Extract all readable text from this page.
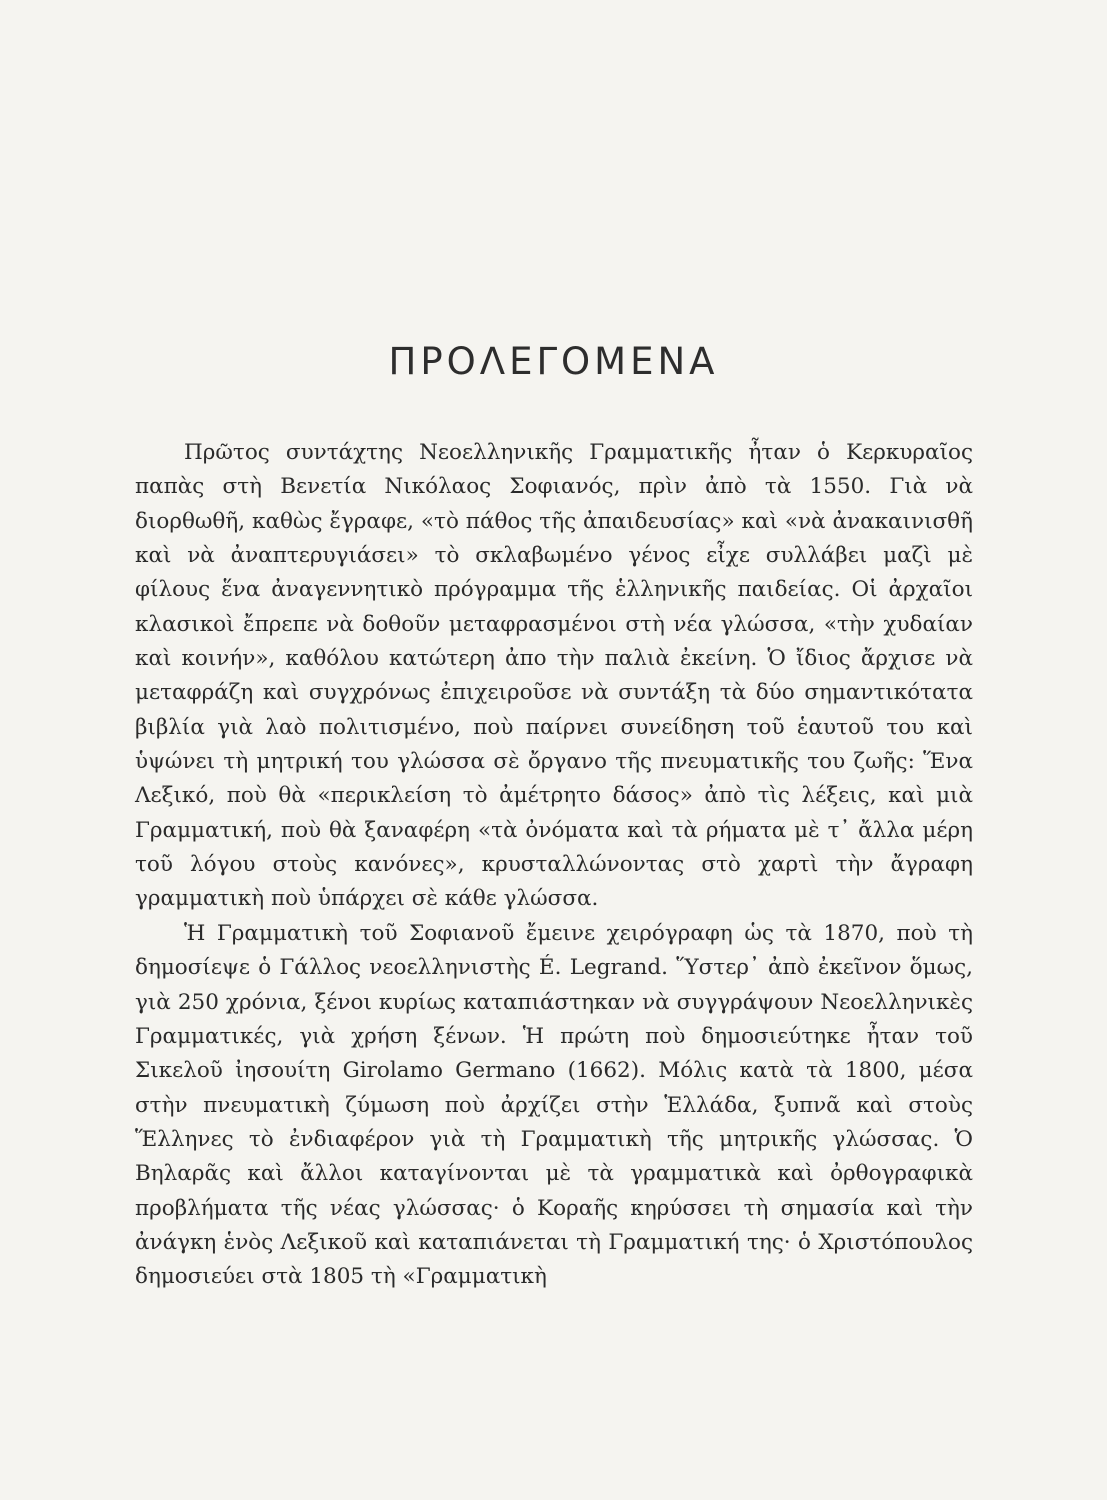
ΠΡΟΛΕΓΟΜΕΝΑ

Πρῶτος συντάχτης Νεοελληνικῆς Γραμματικῆς ἦταν ὁ Κερκυραῖος παπὰς στὴ Βενετία Νικόλαος Σοφιανός, πρὶν ἀπὸ τὰ 1550. Γιὰ νὰ διορθωθῆ, καθὼς ἔγραφε, «τὸ πάθος τῆς ἀπαιδευσίας» καὶ «νὰ ἀνακαινισθῆ καὶ νὰ ἀναπτερυγιάσει» τὸ σκλαβωμένο γένος εἶχε συλλάβει μαζὶ μὲ φίλους ἕνα ἀναγεννητικὸ πρόγραμμα τῆς ἑλληνικῆς παιδείας. Οἱ ἀρχαῖοι κλασικοὶ ἔπρεπε νὰ δοθοῦν μεταφρασμένοι στὴ νέα γλώσσα, «τὴν χυδαίαν καὶ κοινήν», καθόλου κατώτερη ἀπο τὴν παλιὰ ἐκείνη. Ὁ ἴδιος ἄρχισε νὰ μεταφράζη καὶ συγχρόνως ἐπιχειροῦσε νὰ συντάξη τὰ δύο σημαντικότατα βιβλία γιὰ λαὸ πολιτισμένο, ποὺ παίρνει συνείδηση τοῦ ἑαυτοῦ του καὶ ὑψώνει τὴ μητρική του γλώσσα σὲ ὄργανο τῆς πνευματικῆς του ζωῆς: Ἕνα Λεξικό, ποὺ θὰ «περικλείση τὸ ἀμέτρητο δάσος» ἀπὸ τὶς λέξεις, καὶ μιὰ Γραμματική, ποὺ θὰ ξαναφέρη «τὰ ὀνόματα καὶ τὰ ρήματα μὲ τ᾿ ἄλλα μέρη τοῦ λόγου στοὺς κανόνες», κρυσταλλώνοντας στὸ χαρτὶ τὴν ἄγραφη γραμματικὴ ποὺ ὑπάρχει σὲ κάθε γλώσσα.

Ἡ Γραμματικὴ τοῦ Σοφιανοῦ ἔμεινε χειρόγραφη ὡς τὰ 1870, ποὺ τὴ δημοσίεψε ὁ Γάλλος νεοελληνιστὴς É. Legrand. Ὕστερ᾿ ἀπὸ ἐκεῖνον ὅμως, γιὰ 250 χρόνια, ξένοι κυρίως καταπιάστηκαν νὰ συγγράψουν Νεοελληνικὲς Γραμματικές, γιὰ χρήση ξένων. Ἡ πρώτη ποὺ δημοσιεύτηκε ἦταν τοῦ Σικελοῦ ἰησουίτη Girolamo Germano (1662). Μόλις κατὰ τὰ 1800, μέσα στὴν πνευματικὴ ζύμωση ποὺ ἀρχίζει στὴν Ἑλλάδα, ξυπνᾶ καὶ στοὺς Ἕλληνες τὸ ἐνδιαφέρον γιὰ τὴ Γραμματικὴ τῆς μητρικῆς γλώσσας. Ὁ Βηλαρᾶς καὶ ἄλλοι καταγίνονται μὲ τὰ γραμματικὰ καὶ ὀρθογραφικὰ προβλήματα τῆς νέας γλώσσας· ὁ Κοραῆς κηρύσσει τὴ σημασία καὶ τὴν ἀνάγκη ἑνὸς Λεξικοῦ καὶ καταπιάνεται τὴ Γραμματική της· ὁ Χριστόπουλος δημοσιεύει στὰ 1805 τὴ «Γραμματικὴ
